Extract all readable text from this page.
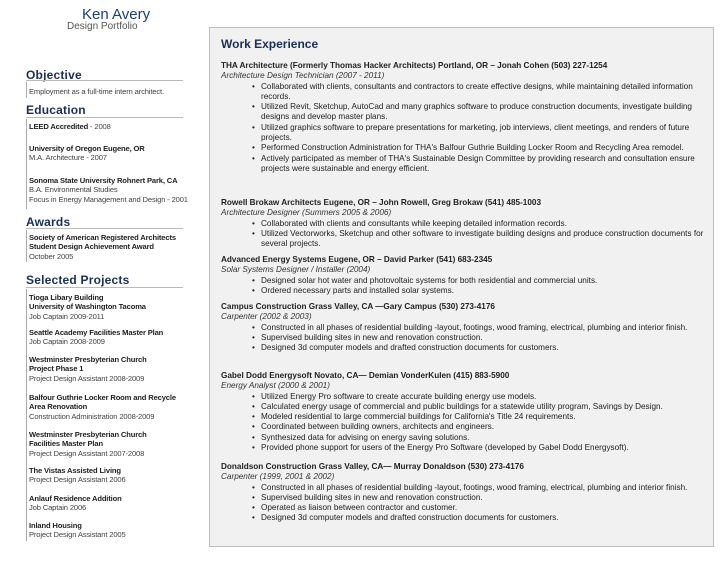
Ken Avery
Design Portfolio
Objective
Employment as a full-time intern architect.
Education
LEED Accredited - 2008
University of Oregon Eugene, OR
M.A. Architecture - 2007
Sonoma State University Rohnert Park, CA
B.A. Environmental Studies
Focus in Energy Management and Design - 2001
Awards
Society of American Registered Architects
Student Design Achievement Award
October 2005
Selected Projects
Tioga Libary Building
University of Washington Tacoma
Job Captain 2009-2011
Seattle Academy Facilities Master Plan
Job Captain 2008-2009
Westminster Presbyterian Church
Project Phase 1
Project Design Assistant 2008-2009
Balfour Guthrie Locker Room and Recycle
Area Renovation
Construction Administration 2008-2009
Westminster Presbyterian Church
Facilities Master Plan
Project Design Assistant 2007-2008
The Vistas Assisted Living
Project Design Assistant 2006
Anlauf Residence Addition
Job Captain 2006
Inland Housing
Project Design Assistant 2005
Work Experience
THA Architecture (Formerly Thomas Hacker Architects) Portland, OR – Jonah Cohen (503) 227-1254
Architecture Design Technician (2007 - 2011)
• Collaborated with clients, consultants and contractors to create effective designs, while maintaining detailed information records.
• Utilized Revit, Sketchup, AutoCad and many graphics software to produce construction documents, investigate building designs and develop master plans.
• Utilized graphics software to prepare presentations for marketing, job interviews, client meetings, and renders of future projects.
• Performed Construction Administration for THA's Balfour Guthrie Building Locker Room and Recycling Area remodel.
• Actively participated as member of THA's Sustainable Design Committee by providing research and consultation ensure projects were sustainable and energy efficient.
Rowell Brokaw Architects Eugene, OR – John Rowell, Greg Brokaw (541) 485-1003
Architecture Designer (Summers 2005 & 2006)
• Collaborated with clients and consultants while keeping detailed information records.
• Utilized Vectorworks, Sketchup and other software to investigate building designs and produce construction documents for several projects.
Advanced Energy Systems Eugene, OR – David Parker (541) 683-2345
Solar Systems Designer / Installer (2004)
• Designed solar hot water and photovoltaic systems for both residential and commercial units.
• Ordered necessary parts and installed solar systems.
Campus Construction Grass Valley, CA —Gary Campus (530) 273-4176
Carpenter (2002 & 2003)
• Constructed in all phases of residential building -layout, footings, wood framing, electrical, plumbing and interior finish.
• Supervised building sites in new and renovation construction.
• Designed 3d computer models and drafted construction documents for customers.
Gabel Dodd Energysoft Novato, CA— Demian VonderKulen (415) 883-5900
Energy Analyst (2000 & 2001)
• Utilized Energy Pro software to create accurate building energy use models.
• Calculated energy usage of commercial and public buildings for a statewide utility program, Savings by Design.
• Modeled residential to large commercial buildings for California's Title 24 requirements.
• Coordinated between building owners, architects and engineers.
• Synthesized data for advising on energy saving solutions.
• Provided phone support for users of the Energy Pro Software (developed by Gabel Dodd Energysoft).
Donaldson Construction Grass Valley, CA— Murray Donaldson (530) 273-4176
Carpenter (1999, 2001 & 2002)
• Constructed in all phases of residential building -layout, footings, wood framing, electrical, plumbing and interior finish.
• Supervised building sites in new and renovation construction.
• Operated as liaison between contractor and customer.
• Designed 3d computer models and drafted construction documents for customers.
